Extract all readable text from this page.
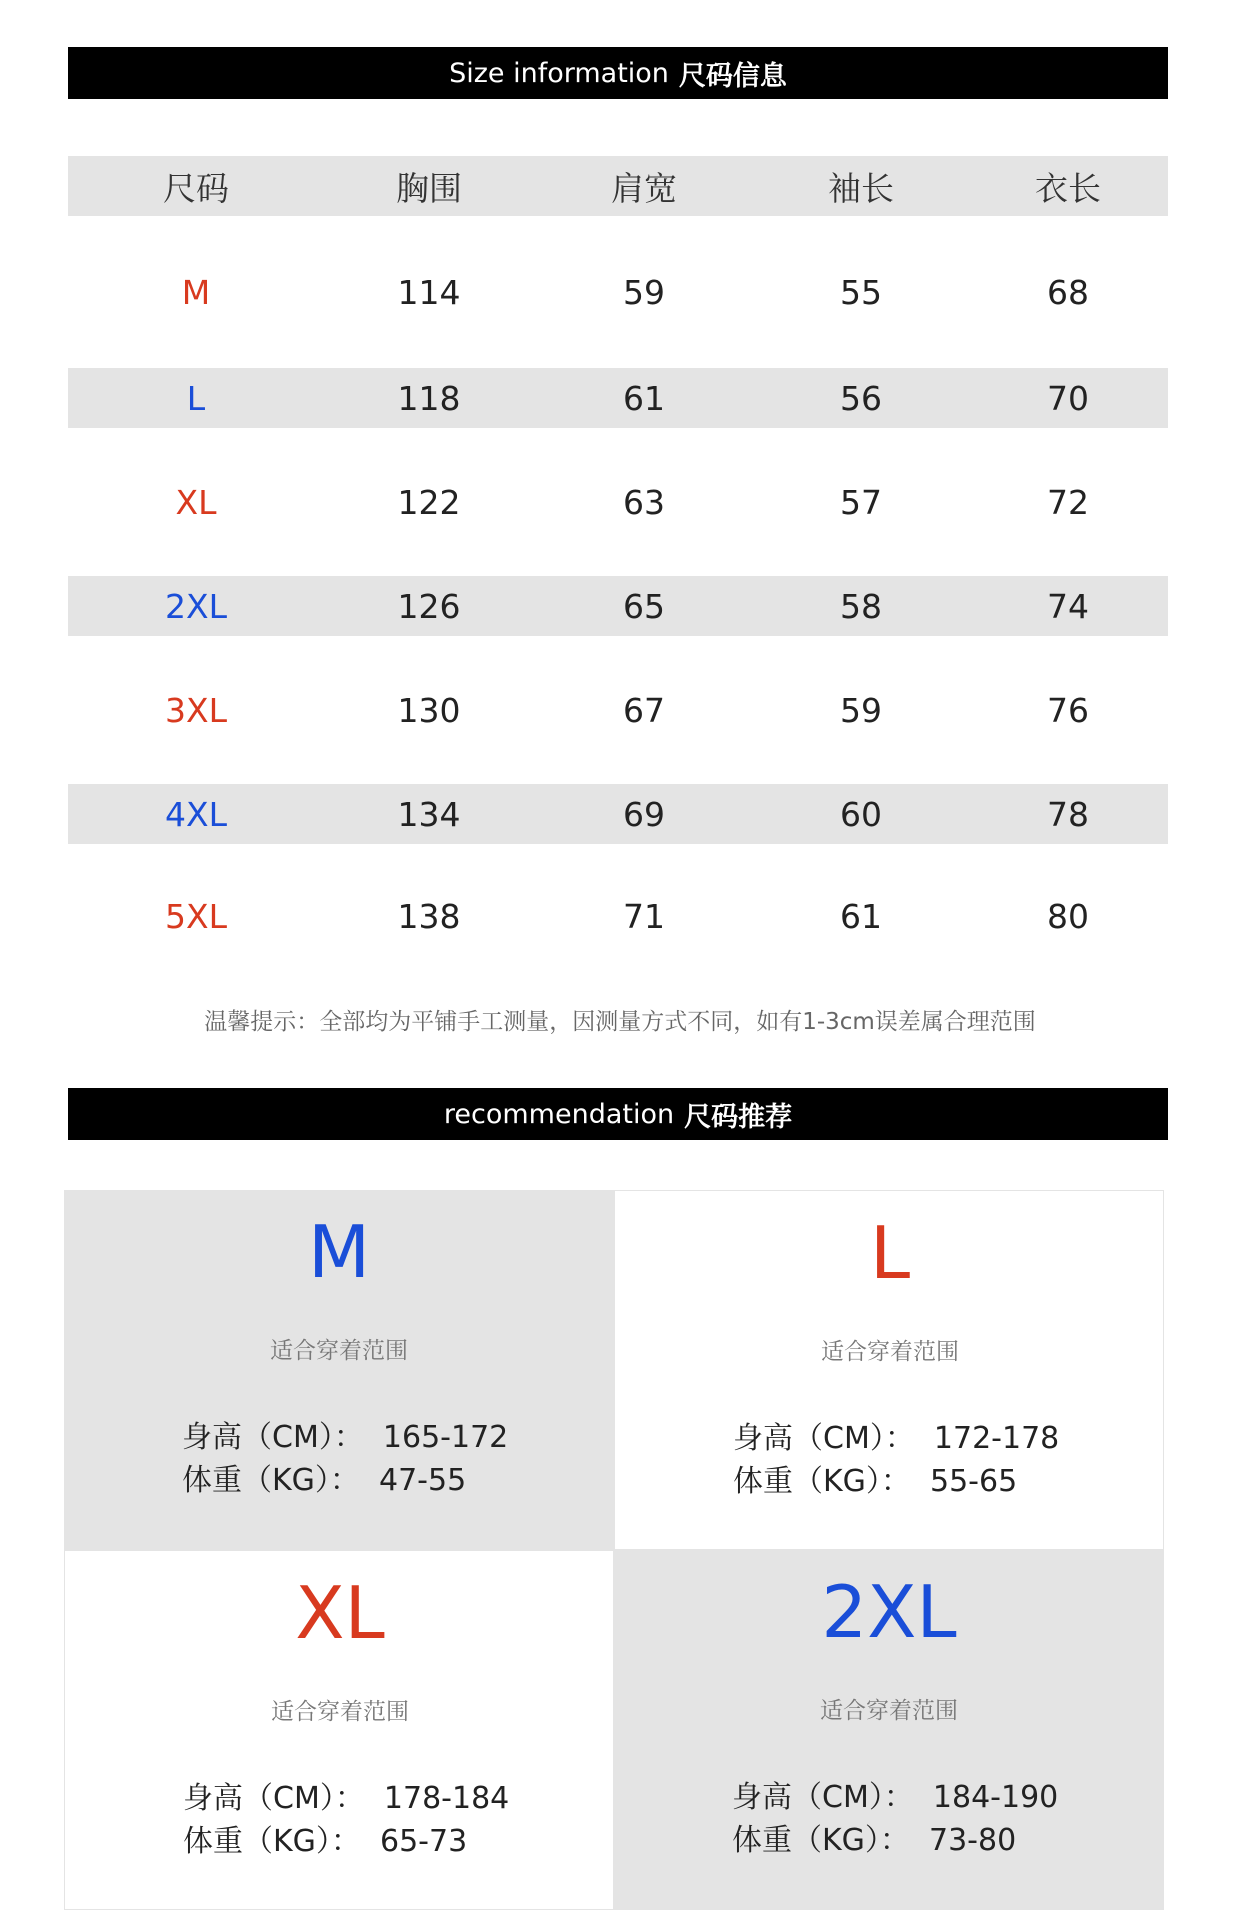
Size information 尺码信息
尺码	胸围	肩宽	袖长	衣长
M	114	59	55	68
L	118	61	56	70
XL	122	63	57	72
2XL	126	65	58	74
3XL	130	67	59	76
4XL	134	69	60	78
5XL	138	71	61	80
温馨提示：全部均为平铺手工测量，因测量方式不同，如有1-3cm误差属合理范围
recommendation 尺码推荐
M
适合穿着范围
身高（CM）：  165-172
体重（KG）：  47-55
L
适合穿着范围
身高（CM）：  172-178
体重（KG）：  55-65
XL
适合穿着范围
身高（CM）：  178-184
体重（KG）：  65-73
2XL
适合穿着范围
身高（CM）：  184-190
体重（KG）：  73-80
